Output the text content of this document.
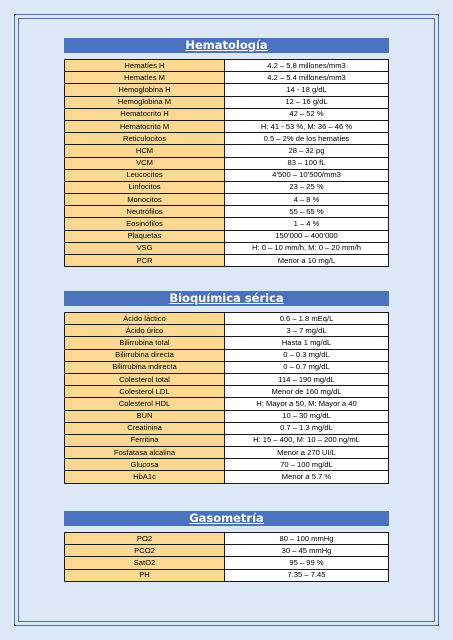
Hematología
Hematíes H	4.2 – 5.8 millones/mm3
Hematíes M	4.2 – 5.4 millones/mm3
Hemoglobina H	14 - 18 g/dL
Hemoglobina M	12 – 16 g/dL
Hematocrito H	42 – 52 %
Hematocrito M	H: 41 - 53 %, M: 36 – 46 %
Reticulocitos	0.5 – 2% de los hematíes
HCM	28 – 32 pg
VCM	83 – 100 fL
Leucocitos	4’500 – 10’500/mm3
Linfocitos	23 – 25 %
Monocitos	4 – 8 %
Neutrófilos	55 – 65 %
Eosinófilos	1 – 4 %
Plaquetas	150’000 – 400’000
VSG	H: 0 – 10 mm/h, M: 0 – 20 mm/h
PCR	Menor a 10 mg/L
Bioquímica sérica
Ácido láctico	0.6 – 1.8 mEq/L
Ácido úrico	3 – 7 mg/dL
Bilirrubina total	Hasta 1 mg/dL
Bilirrubina directa	0 – 0.3 mg/dL
Bilirrubina indirecta	0 – 0.7 mg/dL
Colesterol total	114 – 190 mg/dL
Colesterol LDL	Menor de 160 mg/dL
Colesterol HDL	H: Mayor a 50, M: Mayor a 40
BUN	10 – 30 mg/dL
Creatinina	0.7 – 1.3 mg/dL
Ferritina	H: 15 – 400, M: 10 – 200 ng/mL
Fosfatasa alcalina	Menor a 270 UI/L
Glucosa	70 – 100 mg/dL
HbA1c	Menor a 5.7 %
Gasometría
PO2	80 – 100 mmHg
PCO2	30 – 45 mmHg
SatO2	95 – 99 %
PH	7.35 – 7.45
